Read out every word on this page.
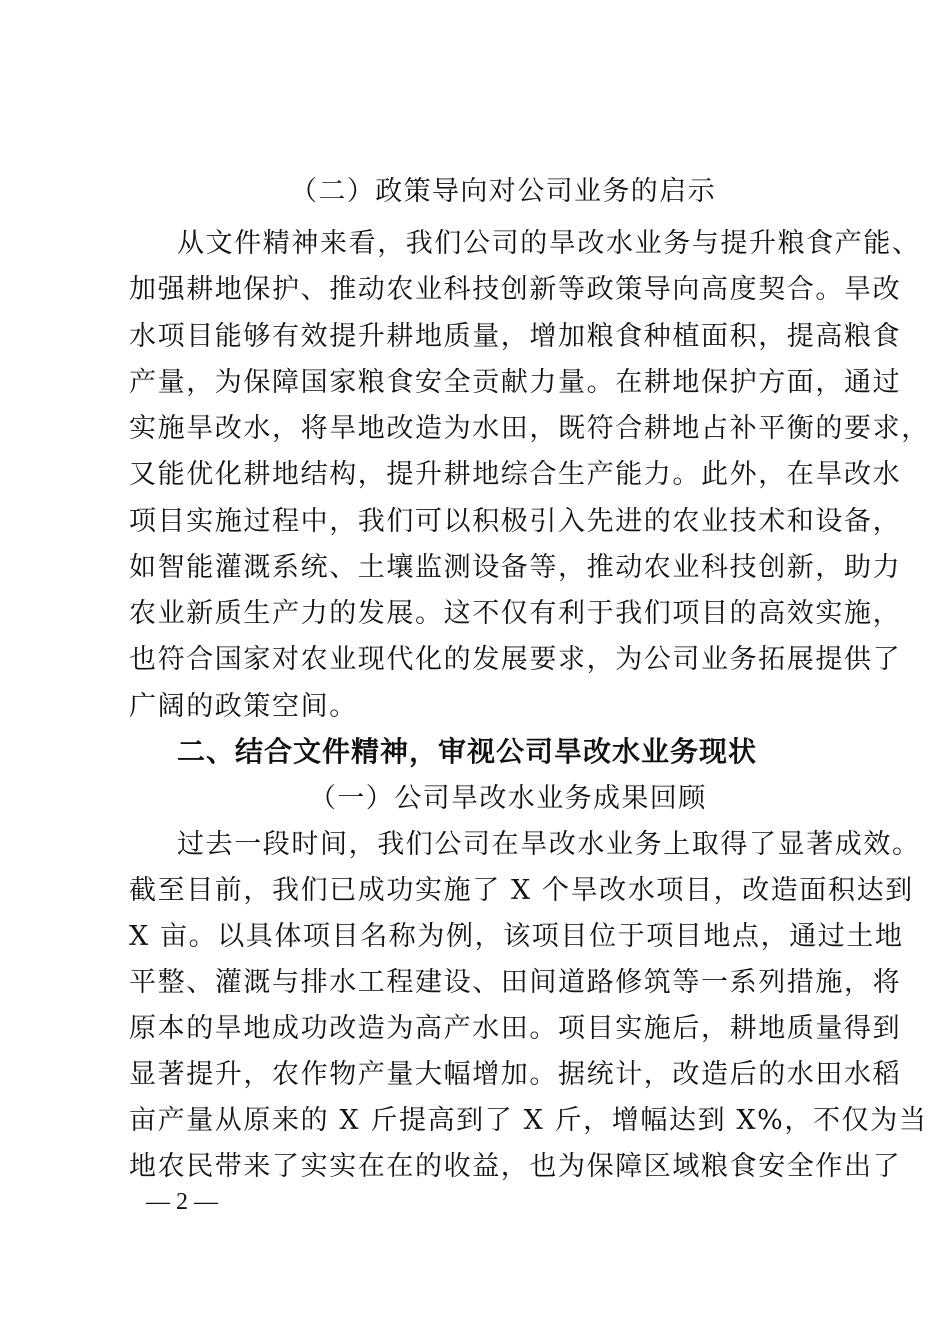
（二）政策导向对公司业务的启示
从文件精神来看，我们公司的旱改水业务与提升粮食产能、
加强耕地保护、推动农业科技创新等政策导向高度契合。旱改
水项目能够有效提升耕地质量，增加粮食种植面积，提高粮食
产量，为保障国家粮食安全贡献力量。在耕地保护方面，通过
实施旱改水，将旱地改造为水田，既符合耕地占补平衡的要求，
又能优化耕地结构，提升耕地综合生产能力。此外，在旱改水
项目实施过程中，我们可以积极引入先进的农业技术和设备，
如智能灌溉系统、土壤监测设备等，推动农业科技创新，助力
农业新质生产力的发展。这不仅有利于我们项目的高效实施，
也符合国家对农业现代化的发展要求，为公司业务拓展提供了
广阔的政策空间。
二、结合文件精神，审视公司旱改水业务现状
（一）公司旱改水业务成果回顾
过去一段时间，我们公司在旱改水业务上取得了显著成效。
截至目前，我们已成功实施了 X 个旱改水项目，改造面积达到
X 亩。以具体项目名称为例，该项目位于项目地点，通过土地
平整、灌溉与排水工程建设、田间道路修筑等一系列措施，将
原本的旱地成功改造为高产水田。项目实施后，耕地质量得到
显著提升，农作物产量大幅增加。据统计，改造后的水田水稻
亩产量从原来的 X 斤提高到了 X 斤，增幅达到 X%，不仅为当
地农民带来了实实在在的收益，也为保障区域粮食安全作出了
— 2 —
